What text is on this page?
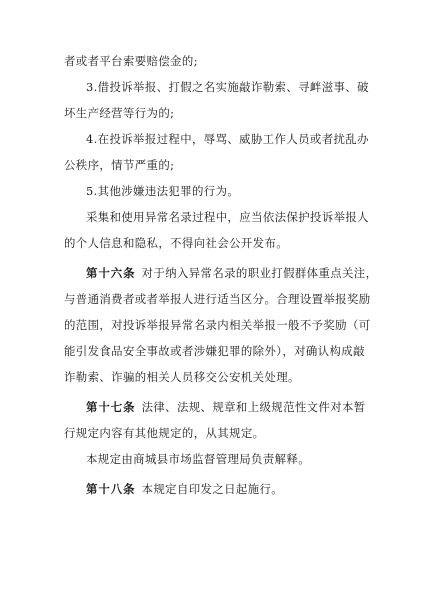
者或者平台索要赔偿金的;
3.借投诉举报、打假之名实施敲诈勒索、寻衅滋事、破
坏生产经营等行为的;
4.在投诉举报过程中，辱骂、威胁工作人员或者扰乱办
公秩序，情节严重的;
5.其他涉嫌违法犯罪的行为。
采集和使用异常名录过程中，应当依法保护投诉举报人
的个人信息和隐私，不得向社会公开发布。
第十六条 对于纳入异常名录的职业打假群体重点关注，
与普通消费者或者举报人进行适当区分。合理设置举报奖励
的范围，对投诉举报异常名录内相关举报一般不予奖励（可
能引发食品安全事故或者涉嫌犯罪的除外），对确认构成敲
诈勒索、诈骗的相关人员移交公安机关处理。
第十七条 法律、法规、规章和上级规范性文件对本暂
行规定内容有其他规定的，从其规定。
本规定由商城县市场监督管理局负责解释。
第十八条 本规定自印发之日起施行。
